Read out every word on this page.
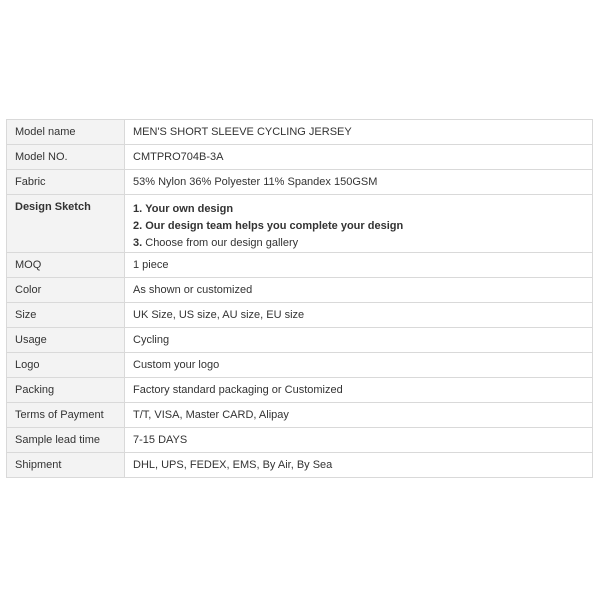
Model name	MEN'S SHORT SLEEVE CYCLING JERSEY
Model NO.	CMTPRO704B-3A
Fabric	53% Nylon 36% Polyester 11% Spandex 150GSM
Design Sketch	1. Your own design
2. Our design team helps you complete your design
3. Choose from our design gallery

MOQ	1 piece
Color	As shown or customized
Size	UK Size, US size, AU size, EU size
Usage	Cycling
Logo	Custom your logo
Packing	Factory standard packaging or Customized
Terms of Payment	T/T, VISA, Master CARD, Alipay
Sample lead time	7-15 DAYS
Shipment	DHL, UPS, FEDEX, EMS, By Air, By Sea
